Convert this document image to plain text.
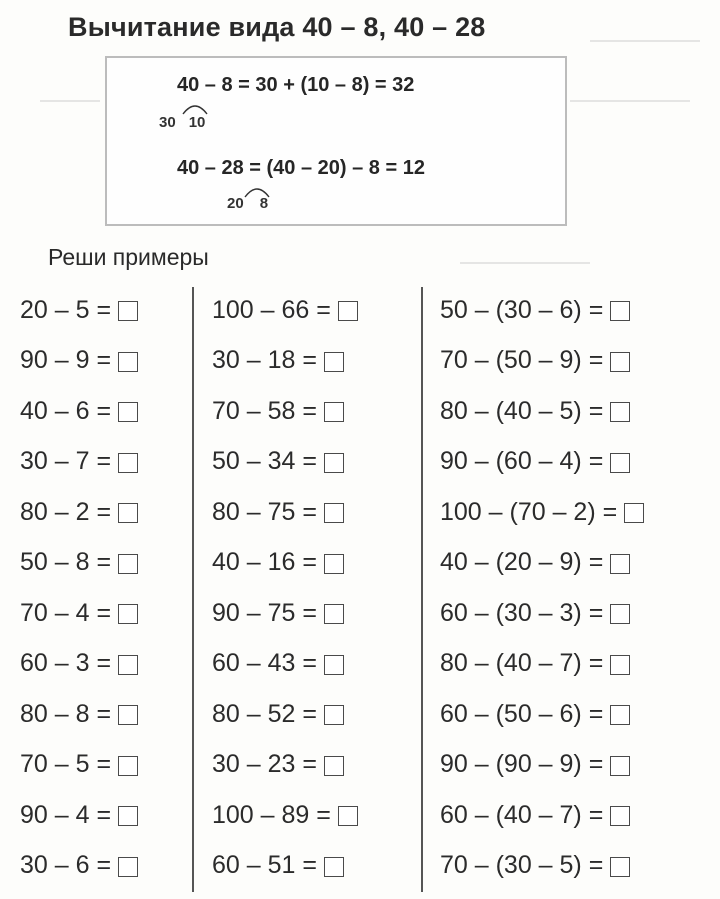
Вычитание вида 40 – 8, 40 – 28
40 – 8 = 30 + (10 – 8) = 32
30 10
40 – 28 = (40 – 20) – 8 = 12
20 8
Реши примеры
20 – 5 =
90 – 9 =
40 – 6 =
30 – 7 =
80 – 2 =
50 – 8 =
70 – 4 =
60 – 3 =
80 – 8 =
70 – 5 =
90 – 4 =
30 – 6 =
100 – 66 =
30 – 18 =
70 – 58 =
50 – 34 =
80 – 75 =
40 – 16 =
90 – 75 =
60 – 43 =
80 – 52 =
30 – 23 =
100 – 89 =
60 – 51 =
50 – (30 – 6) =
70 – (50 – 9) =
80 – (40 – 5) =
90 – (60 – 4) =
100 – (70 – 2) =
40 – (20 – 9) =
60 – (30 – 3) =
80 – (40 – 7) =
60 – (50 – 6) =
90 – (90 – 9) =
60 – (40 – 7) =
70 – (30 – 5) =
